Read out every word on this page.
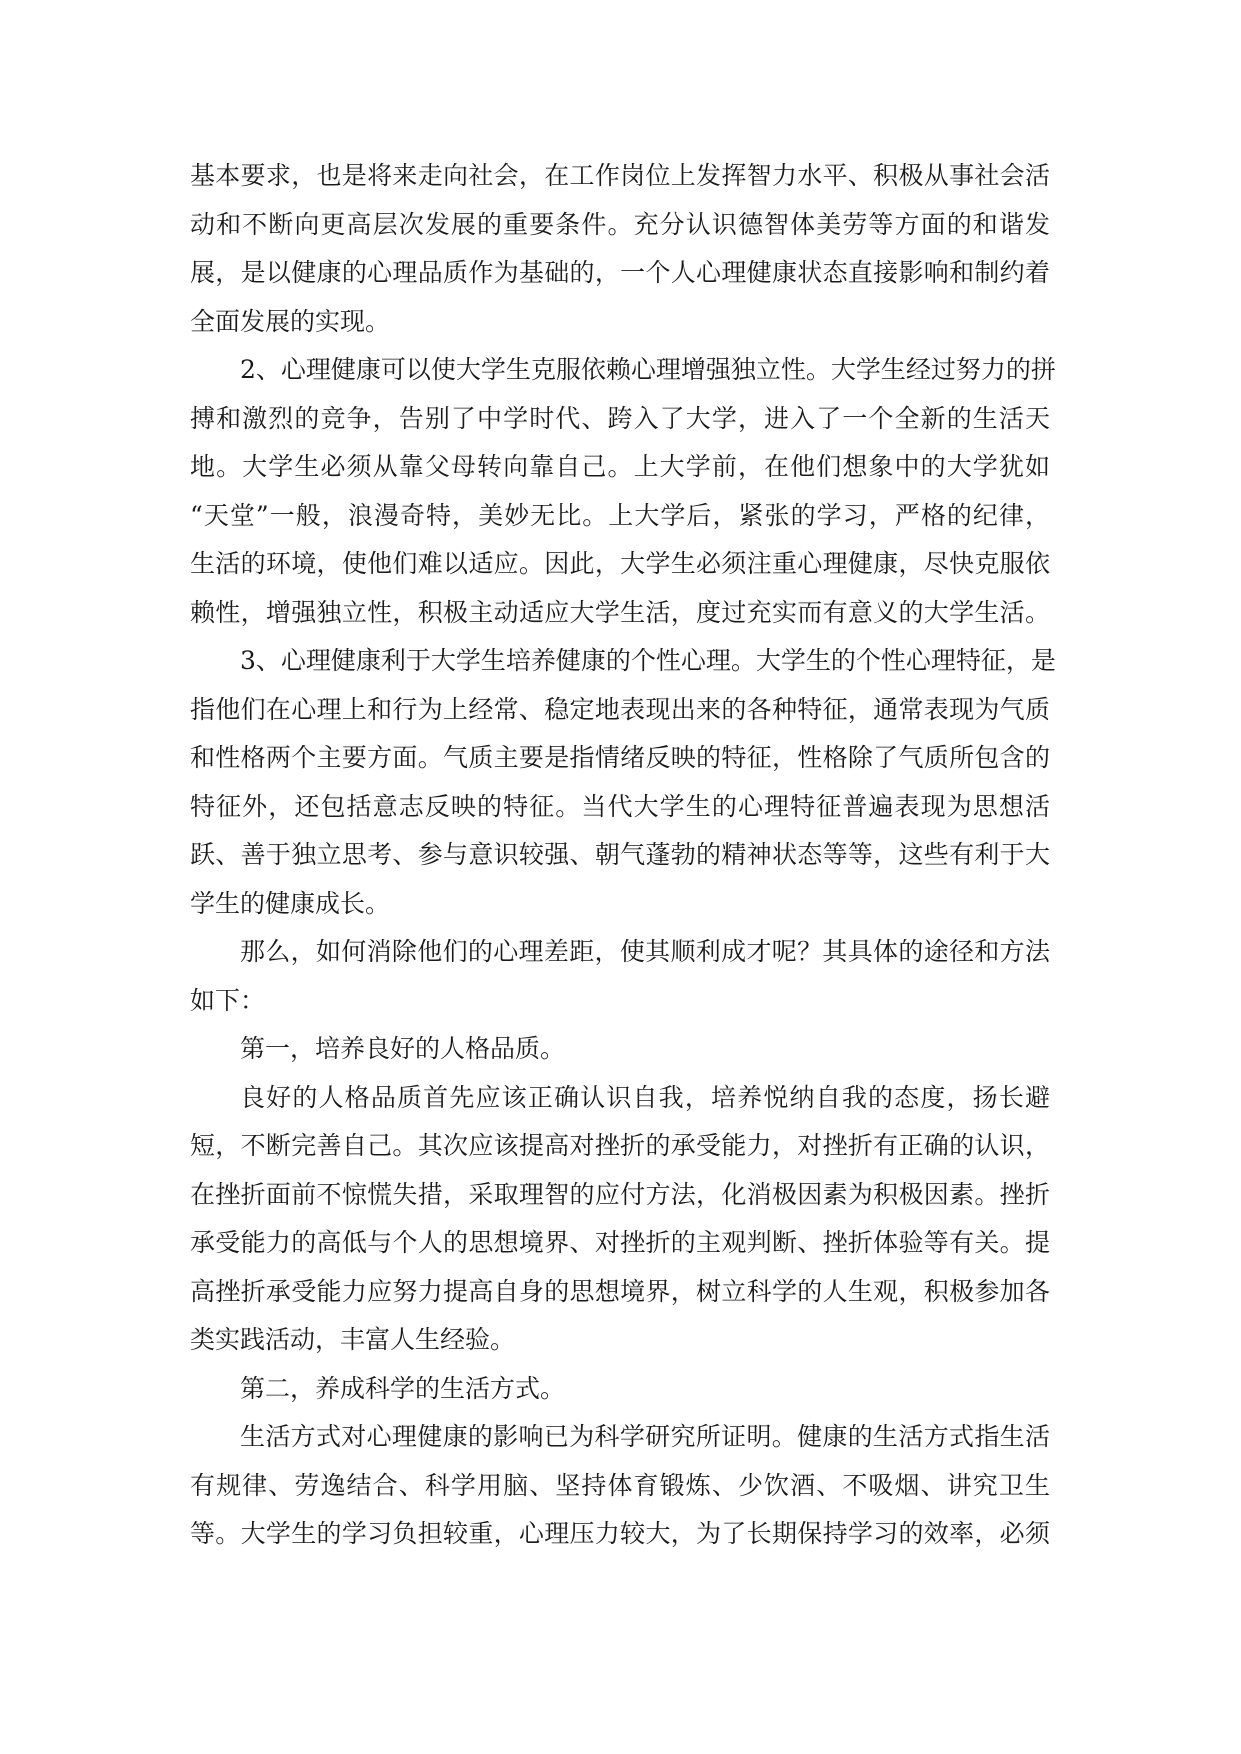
基本要求，也是将来走向社会，在工作岗位上发挥智力水平、积极从事社会活
动和不断向更高层次发展的重要条件。充分认识德智体美劳等方面的和谐发
展，是以健康的心理品质作为基础的，一个人心理健康状态直接影响和制约着
全面发展的实现。
2、心理健康可以使大学生克服依赖心理增强独立性。大学生经过努力的拼
搏和激烈的竞争，告别了中学时代、跨入了大学，进入了一个全新的生活天
地。大学生必须从靠父母转向靠自己。上大学前，在他们想象中的大学犹如
“天堂”一般，浪漫奇特，美妙无比。上大学后，紧张的学习，严格的纪律，
生活的环境，使他们难以适应。因此，大学生必须注重心理健康，尽快克服依
赖性，增强独立性，积极主动适应大学生活，度过充实而有意义的大学生活。
3、心理健康利于大学生培养健康的个性心理。大学生的个性心理特征，是
指他们在心理上和行为上经常、稳定地表现出来的各种特征，通常表现为气质
和性格两个主要方面。气质主要是指情绪反映的特征，性格除了气质所包含的
特征外，还包括意志反映的特征。当代大学生的心理特征普遍表现为思想活
跃、善于独立思考、参与意识较强、朝气蓬勃的精神状态等等，这些有利于大
学生的健康成长。
那么，如何消除他们的心理差距，使其顺利成才呢？其具体的途径和方法
如下：
第一，培养良好的人格品质。
良好的人格品质首先应该正确认识自我，培养悦纳自我的态度，扬长避
短，不断完善自己。其次应该提高对挫折的承受能力，对挫折有正确的认识，
在挫折面前不惊慌失措，采取理智的应付方法，化消极因素为积极因素。挫折
承受能力的高低与个人的思想境界、对挫折的主观判断、挫折体验等有关。提
高挫折承受能力应努力提高自身的思想境界，树立科学的人生观，积极参加各
类实践活动，丰富人生经验。
第二，养成科学的生活方式。
生活方式对心理健康的影响已为科学研究所证明。健康的生活方式指生活
有规律、劳逸结合、科学用脑、坚持体育锻炼、少饮酒、不吸烟、讲究卫生
等。大学生的学习负担较重，心理压力较大，为了长期保持学习的效率，必须
